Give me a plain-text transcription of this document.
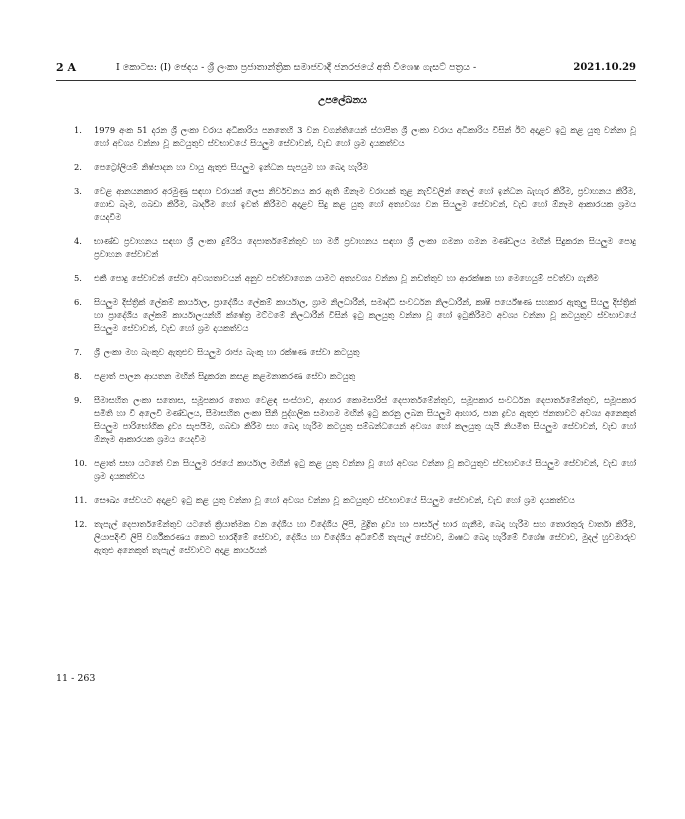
2 A	I කොටස: (I) ඡෙදය - ශ්‍රී ලංකා ප්‍රජාතාන්ත්‍රික සමාජවාදී ජනරජයේ අති විශෙෂ ගැසට් පත්‍රය -	2021.10.29
උපලේඛනය
1. 1979 අංක 51 දරන ශ්‍රී ලංකා වරාය අධිකාරිය පනතෙහි 3 වන වගන්තියෙන් ස්ථාපිත ශ්‍රී ලංකා වරාය අධිකාරිය විසින් ඊට අදාළව ඉටු කළ යුතු වන්නා වූ හෝ අවශ්‍ය වන්නා වූ කටයුතුව ස්වභාවයේ සියලුම සේවාවන්, වැඩ හෝ ශ්‍රම දායකත්වය
2. පෙට්‍රෝලියම් නිෂ්පාදන හා වායු ඇතුළු සියලුම ඉන්ධන සැපයුම හා බෙදා හැරීම
3. වෙළ ආනයනකාර අරමුණු සඳහා වරායක් ලෙස නිර්වචනය කර ඇති ඕනෑම වරායක් තුළ නැව්වලින් තෙල් හෝ ඉන්ධන බැහැර කිරීම, ප්‍රවාහනය කිරීම, ගොඩ බෑම, ගබඩා කිරීම, බාර්දීම හෝ ඉවත් කිරීමට අදාළව සිදු කළ යුතු හෝ අත්‍යවශ්‍ය වන සියලුම සේවාවන්, වැඩ හෝ ඕනෑම ආකාරයක ශ්‍රමය යෙදවීම
4. භාණ්ඩ ප්‍රවාහනය සඳහා ශ්‍රී ලංකා දුම්රිය දෙපාර්තමේන්තුව හා මගී ප්‍රවාහනය සඳහා ශ්‍රී ලංකා ගමනා ගමන මණ්ඩලය මඟින් සිදුකරන සියලුම පොදු ප්‍රවාහන සේවාවන්
5. එකී පොදු සේවාවන් සේවා අවශ්‍යතාවයන් අනුව පවත්වාගෙන යාමට අත්‍යවශ්‍ය වන්නා වූ නඩත්තුව හා ආරක්ෂක හා මෙහෙයුම් පවත්වා ගැනීම
6. සියලුම දිස්ත්‍රික් ලේකම් කාර්යාල, ප්‍රාදේශීය ලේකම් කාර්යාල, ග්‍රාම නිලධාරීන්, සමෘද්ධි සංවර්ධන නිලධාරීන්, කෘෂි පර්යේෂණ සහකාර ඇතුලු සියලු දිස්ත්‍රික් හා ප්‍රාදේශීය ලේකම් කාර්යාලයන්හි ක්ෂේත්‍ර මට්ටමේ නිලධාරීන් විසින් ඉටු කලයුතු වන්නා වූ හෝ ඉටුකිරීමට අවශ්‍ය වන්නා වූ කටයුතුව ස්වභාවයේ සියලුම සේවාවන්, වැඩ හෝ ශ්‍රම දායකත්වය
7. ශ්‍රී ලංකා මහ බැංකුව ඇතුළුව සියලුම රාජ්‍ය බැංකු හා රක්ෂණ සේවා කටයුතු
8. පළාත් පාලන ආයතන මඟින් සිදුකරන කසළ කළමනාකරණ සේවා කටයුතු
9. සීමාසහිත ලංකා සතොස, සමූපකාර තොග වෙළඳ සංස්ථාව, ආහාර කොමසාරිස් දෙපාර්තමේන්තුව, සමූපකාර සංවර්ධන දෙපාර්තමේන්තුව, සමූපකාර සමිති හා වී අලෙවි මණ්ඩලය, සීමාසහිත ලංකා සීනි පුද්ගලික සමාගම මඟින් ඉටු කරනු ලබන සියලුම ආහාර, පාන ද්‍රව්‍ය ඇතුළු ජනතාවට අවශ්‍ය අනෙකුත් සියලුම පාරිභෝගික ද්‍රව්‍ය සැපයීම, ගබඩා කිරීම සහ බෙදා හැරීම කටයුතු සම්බන්ධයෙන් අවශ්‍ය හෝ කලයුතු යැයි නියමිත සියලුම සේවාවන්, වැඩ හෝ ඕනෑම ආකාරයක ශ්‍රමය යෙදවීම
10. පළාත් සභා යටතේ වන සියලුම රජයේ කාර්යාල මඟින් ඉටු කළ යුතු වන්නා වූ හෝ අවශ්‍ය වන්නා වූ කටයුතුව ස්වභාවයේ සියලුම සේවාවන්, වැඩ හෝ ශ්‍රම දායකත්වය
11. සෞඛ්‍ය සේවයට අදාළව ඉටු කළ යුතු වන්නා වූ හෝ අවශ්‍ය වන්නා වූ කටයුතුව ස්වභාවයේ සියලුම සේවාවන්, වැඩ හෝ ශ්‍රම දායකත්වය
12. තැපැල් දෙපාර්තමේන්තුව යටතේ ක්‍රියාත්මක වන දේශීය හා විදේශීය ලිපි, මුද්‍රිත ද්‍රව්‍ය හා පාර්සල් භාර ගැනීම, බෙදා හැරීම සහ තොරතුරු වාර්තා කිරීම, ලියාපදිංචි ලිපි වර්ගීකරණය කොට භාරදීමේ සේවාව, දේශීය හා විදේශීය අධිවේගී තැපැල් සේවාව, ඖෂධ බෙදා හැරීමේ විශේෂ සේවාව, මුදල් හුවමාරුව ඇතුළු අනෙකුත් තැපැල් සේවාවට අදාළ කාර්යයන්
11 - 263
